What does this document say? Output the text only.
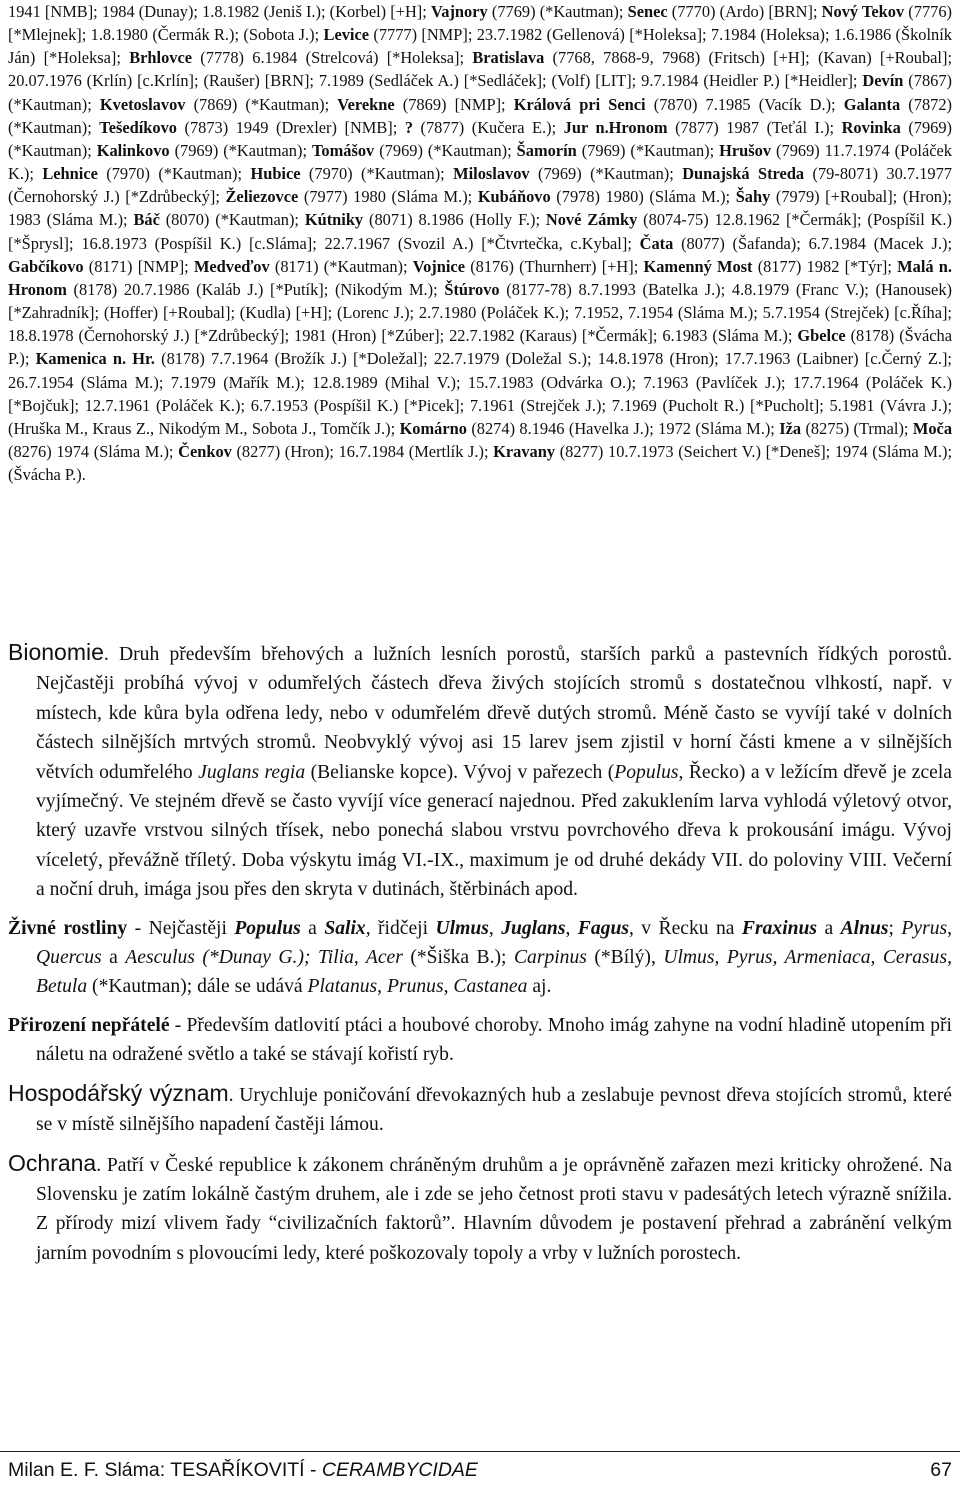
1941 [NMB]; 1984 (Dunay); 1.8.1982 (Jeniš I.); (Korbel) [+H]; Vajnory (7769) (*Kautman); Senec (7770) (Ardo) [BRN]; Nový Tekov (7776) [*Mlejnek]; 1.8.1980 (Čermák R.); (Sobota J.); Levice (7777) [NMP]; 23.7.1982 (Gellenová) [*Holeksa]; 7.1984 (Holeksa); 1.6.1986 (Školník Ján) [*Holeksa]; Brhlovce (7778) 6.1984 (Strelcová) [*Holeksa]; Bratislava (7768, 7868-9, 7968) (Fritsch) [+H]; (Kavan) [+Roubal]; 20.07.1976 (Krlín) [c.Krlín]; (Raušer) [BRN]; 7.1989 (Sedláček A.) [*Sedláček]; (Volf) [LIT]; 9.7.1984 (Heidler P.) [*Heidler]; Devín (7867) (*Kautman); Kvetoslavov (7869) (*Kautman); Verekne (7869) [NMP]; Králová pri Senci (7870) 7.1985 (Vacík D.); Galanta (7872) (*Kautman); Tešedíkovo (7873) 1949 (Drexler) [NMB]; ? (7877) (Kučera E.); Jur n.Hronom (7877) 1987 (Teťál I.); Rovinka (7969) (*Kautman); Kalinkovo (7969) (*Kautman); Tomášov (7969) (*Kautman); Šamorín (7969) (*Kautman); Hrušov (7969) 11.7.1974 (Poláček K.); Lehnice (7970) (*Kautman); Hubice (7970) (*Kautman); Miloslavov (7969) (*Kautman); Dunajská Streda (79-8071) 30.7.1977 (Černohorský J.) [*Zdrůbecký]; Želiezovce (7977) 1980 (Sláma M.); Kubáňovo (7978) 1980) (Sláma M.); Šahy (7979) [+Roubal]; (Hron); 1983 (Sláma M.); Báč (8070) (*Kautman); Kútniky (8071) 8.1986 (Holly F.); Nové Zámky (8074-75) 12.8.1962 [*Čermák]; (Pospíšil K.) [*Šprysl]; 16.8.1973 (Pospíšil K.) [c.Sláma]; 22.7.1967 (Svozil A.) [*Čtvrtečka, c.Kybal]; Čata (8077) (Šafanda); 6.7.1984 (Macek J.); Gabčíkovo (8171) [NMP]; Medveďov (8171) (*Kautman); Vojnice (8176) (Thurnherr) [+H]; Kamenný Most (8177) 1982 [*Týr]; Malá n. Hronom (8178) 20.7.1986 (Kaláb J.) [*Putík]; (Nikodým M.); Štúrovo (8177-78) 8.7.1993 (Batelka J.); 4.8.1979 (Franc V.); (Hanousek) [*Zahradník]; (Hoffer) [+Roubal]; (Kudla) [+H]; (Lorenc J.); 2.7.1980 (Poláček K.); 7.1952, 7.1954 (Sláma M.); 5.7.1954 (Strejček) [c.Říha]; 18.8.1978 (Černohorský J.) [*Zdrůbecký]; 1981 (Hron) [*Zúber]; 22.7.1982 (Karaus) [*Čermák]; 6.1983 (Sláma M.); Gbelce (8178) (Švácha P.); Kamenica n. Hr. (8178) 7.7.1964 (Brožík J.) [*Doležal]; 22.7.1979 (Doležal S.); 14.8.1978 (Hron); 17.7.1963 (Laibner) [c.Černý Z.]; 26.7.1954 (Sláma M.); 7.1979 (Mařík M.); 12.8.1989 (Mihal V.); 15.7.1983 (Odvárka O.); 7.1963 (Pavlíček J.); 17.7.1964 (Poláček K.) [*Bojčuk]; 12.7.1961 (Poláček K.); 6.7.1953 (Pospíšil K.) [*Picek]; 7.1961 (Strejček J.); 7.1969 (Pucholt R.) [*Pucholt]; 5.1981 (Vávra J.); (Hruška M., Kraus Z., Nikodým M., Sobota J., Tomčík J.); Komárno (8274) 8.1946 (Havelka J.); 1972 (Sláma M.); Iža (8275) (Trmal); Moča (8276) 1974 (Sláma M.); Čenkov (8277) (Hron); 16.7.1984 (Mertlík J.); Kravany (8277) 10.7.1973 (Seichert V.) [*Deneš]; 1974 (Sláma M.); (Švácha P.).

Bionomie. Druh především břehových a lužních lesních porostů, starších parků a pastevních řídkých porostů. Nejčastěji probíhá vývoj v odumřelých částech dřeva živých stojících stromů s dostatečnou vlhkostí, např. v místech, kde kůra byla odřena ledy, nebo v odumřelém dřevě dutých stromů. Méně často se vyvíjí také v dolních částech silnějších mrtvých stromů. Neobvyklý vývoj asi 15 larev jsem zjistil v horní části kmene a v silnějších větvích odumřelého Juglans regia (Belianske kopce). Vývoj v pařezech (Populus, Řecko) a v ležícím dřevě je zcela vyjímečný. Ve stejném dřevě se často vyvíjí více generací najednou. Před zakuklením larva vyhlodá výletový otvor, který uzavře vrstvou silných třísek, nebo ponechá slabou vrstvu povrchového dřeva k prokousání imágu. Vývoj víceletý, převážně tříletý. Doba výskytu imág VI.-IX., maximum je od druhé dekády VII. do poloviny VIII. Večerní a noční druh, imága jsou přes den skryta v dutinách, štěrbinách apod.

Živné rostliny - Nejčastěji Populus a Salix, řidčeji Ulmus, Juglans, Fagus, v Řecku na Fraxinus a Alnus; Pyrus, Quercus a Aesculus (*Dunay G.); Tilia, Acer (*Šiška B.); Carpinus (*Bílý), Ulmus, Pyrus, Armeniaca, Cerasus, Betula (*Kautman); dále se udává Platanus, Prunus, Castanea aj.

Přirození nepřátelé - Především datlovití ptáci a houbové choroby. Mnoho imág zahyne na vodní hladině utopením při náletu na odražené světlo a také se stávají kořistí ryb.

Hospodářský význam. Urychluje poničování dřevokazných hub a zeslabuje pevnost dřeva stojících stromů, které se v místě silnějšího napadení častěji lámou.

Ochrana. Patří v České republice k zákonem chráněným druhům a je oprávněně zařazen mezi kriticky ohrožené. Na Slovensku je zatím lokálně častým druhem, ale i zde se jeho četnost proti stavu v padesátých letech výrazně snížila. Z přírody mizí vlivem řady “civilizačních faktorů”. Hlavním důvodem je postavení přehrad a zabránění velkým jarním povodním s plovoucími ledy, které poškozovaly topoly a vrby v lužních porostech.

Milan E. F. Sláma: TESAŘÍKOVITÍ - CERAMBYCIDAE	67
